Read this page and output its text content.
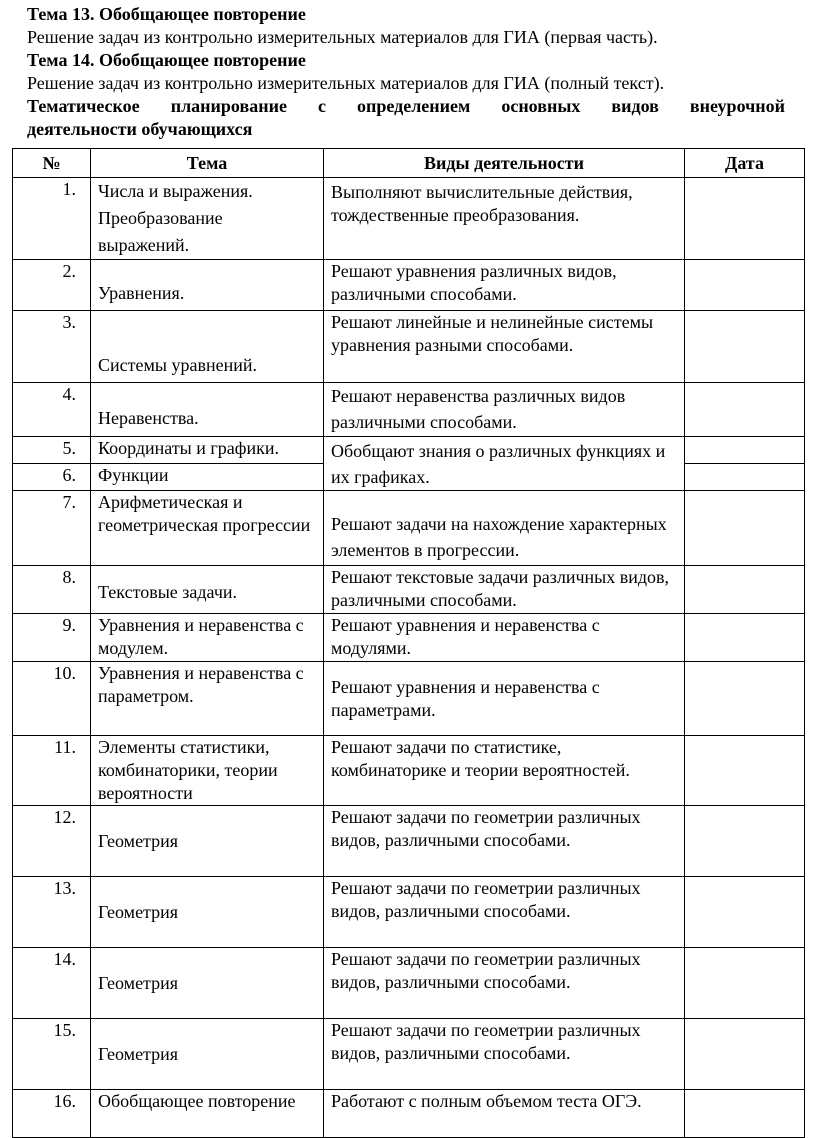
Тема 13. Обобщающее повторение

Решение задач из контрольно измерительных материалов для ГИА (первая часть).

Тема 14. Обобщающее повторение

Решение задач из контрольно измерительных материалов для ГИА (полный текст).

Тематическое планирование с определением основных видов внеурочной

деятельности обучающихся

№	Тема	Виды деятельности	Дата
1.	Числа и выражения. Преобразование выражений.	Выполняют вычислительные действия, тождественные преобразования.	
2.	Уравнения.	Решают уравнения различных видов, различными способами.	
3.	Системы уравнений.	Решают линейные и нелинейные системы уравнения разными способами.	
4.	Неравенства.	Решают неравенства различных видов различными способами.	
5.	Координаты и графики.	Обобщают знания о различных функциях и их графиках.	
6.	Функции		
7.	Арифметическая и геометрическая прогрессии	Решают задачи на нахождение характерных элементов в прогрессии.	
8.	Текстовые задачи.	Решают текстовые задачи различных видов, различными способами.	
9.	Уравнения и неравенства с модулем.	Решают уравнения и неравенства с модулями.	
10.	Уравнения и неравенства с параметром.	Решают уравнения и неравенства с параметрами.	
11.	Элементы статистики, комбинаторики, теории вероятности	Решают задачи по статистике, комбинаторике и теории вероятностей.	
12.	Геометрия	Решают задачи по геометрии различных видов, различными способами.	
13.	Геометрия	Решают задачи по геометрии различных видов, различными способами.	
14.	Геометрия	Решают задачи по геометрии различных видов, различными способами.	
15.	Геометрия	Решают задачи по геометрии различных видов, различными способами.	
16.	Обобщающее повторение	Работают с полным объемом теста ОГЭ.	
